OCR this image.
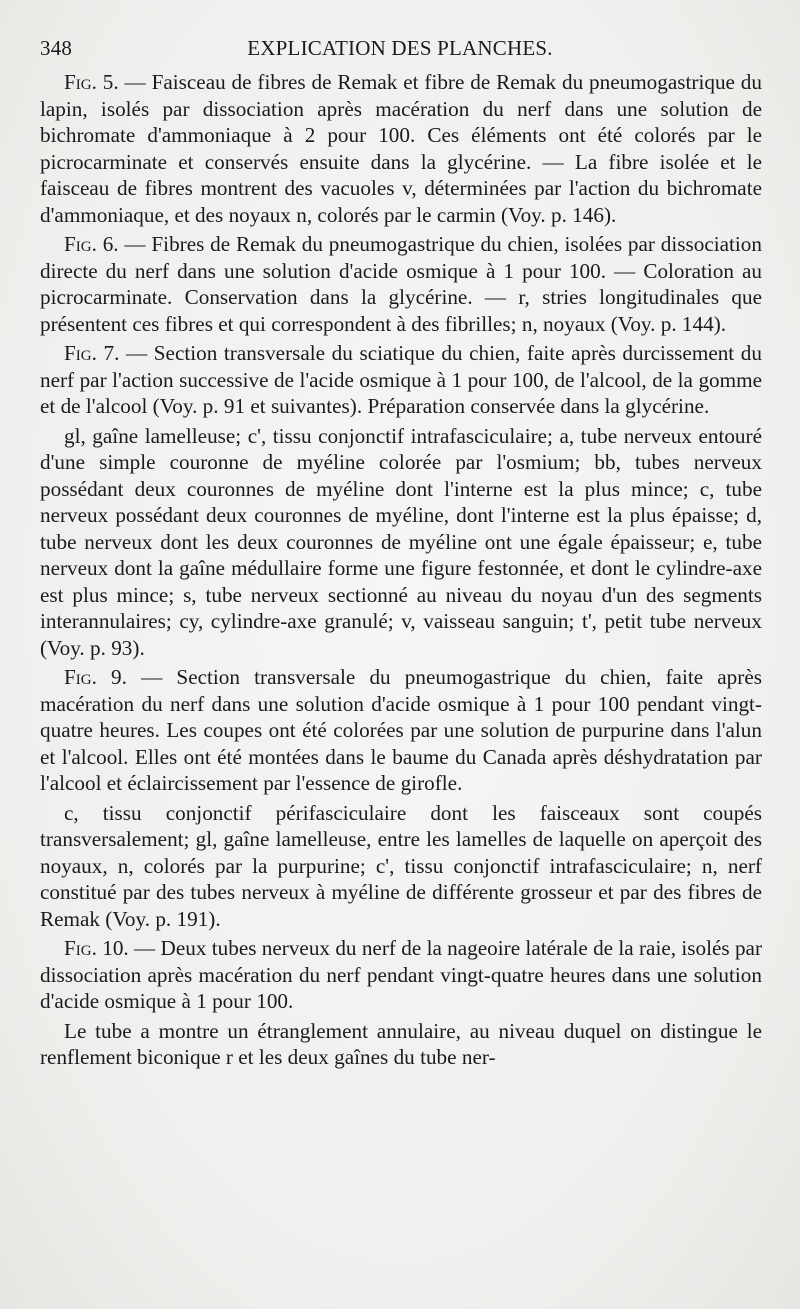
348	EXPLICATION DES PLANCHES.

Fig. 5. — Faisceau de fibres de Remak et fibre de Remak du pneumogastrique du lapin, isolés par dissociation après macération du nerf dans une solution de bichromate d'ammoniaque à 2 pour 100. Ces éléments ont été colorés par le picrocarminate et conservés ensuite dans la glycérine. — La fibre isolée et le faisceau de fibres montrent des vacuoles v, déterminées par l'action du bichromate d'ammoniaque, et des noyaux n, colorés par le carmin (Voy. p. 146).

Fig. 6. — Fibres de Remak du pneumogastrique du chien, isolées par dissociation directe du nerf dans une solution d'acide osmique à 1 pour 100. — Coloration au picrocarminate. Conservation dans la glycérine. — r, stries longitudinales que présentent ces fibres et qui correspondent à des fibrilles; n, noyaux (Voy. p. 144).

Fig. 7. — Section transversale du sciatique du chien, faite après durcissement du nerf par l'action successive de l'acide osmique à 1 pour 100, de l'alcool, de la gomme et de l'alcool (Voy. p. 91 et suivantes). Préparation conservée dans la glycérine.

gl, gaîne lamelleuse; c', tissu conjonctif intrafasciculaire; a, tube nerveux entouré d'une simple couronne de myéline colorée par l'osmium; bb, tubes nerveux possédant deux couronnes de myéline dont l'interne est la plus mince; c, tube nerveux possédant deux couronnes de myéline, dont l'interne est la plus épaisse; d, tube nerveux dont les deux couronnes de myéline ont une égale épaisseur; e, tube nerveux dont la gaîne médullaire forme une figure festonnée, et dont le cylindre-axe est plus mince; s, tube nerveux sectionné au niveau du noyau d'un des segments interannulaires; cy, cylindre-axe granulé; v, vaisseau sanguin; t', petit tube nerveux (Voy. p. 93).

Fig. 9. — Section transversale du pneumogastrique du chien, faite après macération du nerf dans une solution d'acide osmique à 1 pour 100 pendant vingt-quatre heures. Les coupes ont été colorées par une solution de purpurine dans l'alun et l'alcool. Elles ont été montées dans le baume du Canada après déshydratation par l'alcool et éclaircissement par l'essence de girofle.

c, tissu conjonctif périfasciculaire dont les faisceaux sont coupés transversalement; gl, gaîne lamelleuse, entre les lamelles de laquelle on aperçoit des noyaux, n, colorés par la purpurine; c', tissu conjonctif intrafasciculaire; n, nerf constitué par des tubes nerveux à myéline de différente grosseur et par des fibres de Remak (Voy. p. 191).

Fig. 10. — Deux tubes nerveux du nerf de la nageoire latérale de la raie, isolés par dissociation après macération du nerf pendant vingt-quatre heures dans une solution d'acide osmique à 1 pour 100.

Le tube a montre un étranglement annulaire, au niveau duquel on distingue le renflement biconique r et les deux gaînes du tube ner-
